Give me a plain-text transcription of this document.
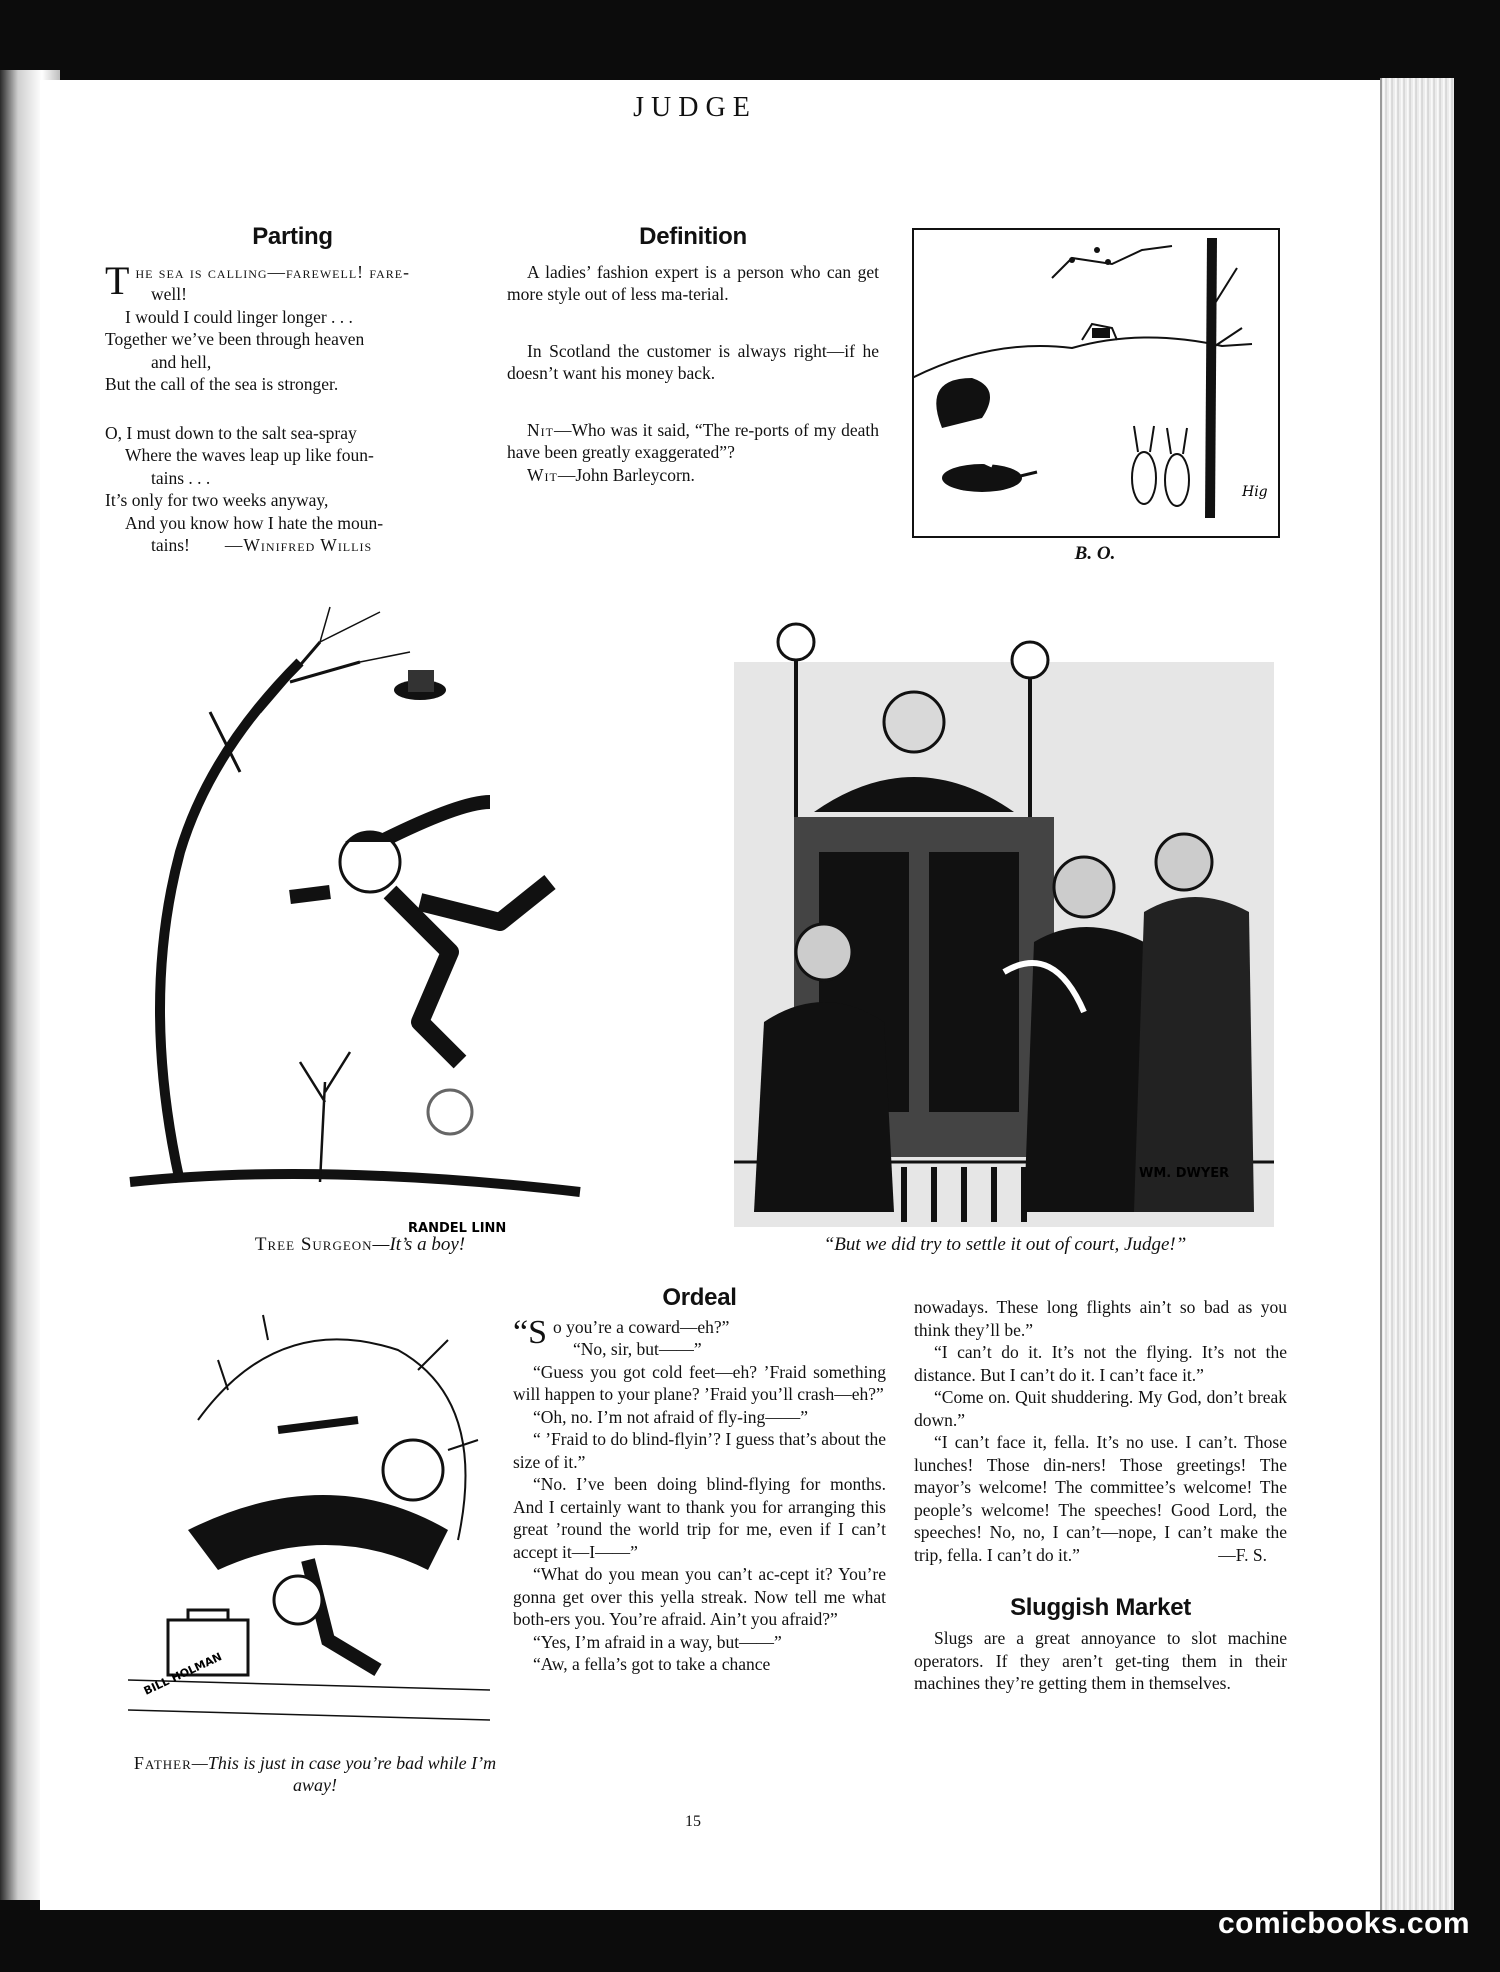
JUDGE
Parting
T he sea is calling—farewell! fare-
well!
I would I could linger longer . . .
Together we’ve been through heaven
and hell,
But the call of the sea is stronger.
O, I must down to the salt sea-spray
Where the waves leap up like foun-
tains . . .
It’s only for two weeks anyway,
And you know how I hate the moun-
tains! —Winifred Willis
Definition

A ladies’ fashion expert is a person who can get more style out of less ma-terial.

In Scotland the customer is always right—if he doesn’t want his money back.

Nit—Who was it said, “The re-ports of my death have been greatly exaggerated”?

Wit—John Barleycorn.

Hig
B. O.
RANDEL LINN
Tree Surgeon—It’s a boy!
WM. DWYER
“But we did try to settle it out of court, Judge!”
BILL HOLMAN
Father—This is just in case you’re bad while I’m away!
Ordeal
“S o you’re a coward—eh?”

“No, sir, but——”

“Guess you got cold feet—eh? ’Fraid something will happen to your plane? ’Fraid you’ll crash—eh?”

“Oh, no. I’m not afraid of fly-ing——”

“ ’Fraid to do blind-flyin’? I guess that’s about the size of it.”

“No. I’ve been doing blind-flying for months. And I certainly want to thank you for arranging this great ’round the world trip for me, even if I can’t accept it—I——”

“What do you mean you can’t ac-cept it? You’re gonna get over this yella streak. Now tell me what both-ers you. You’re afraid. Ain’t you afraid?”

“Yes, I’m afraid in a way, but——”

“Aw, a fella’s got to take a chance

nowadays. These long flights ain’t so bad as you think they’ll be.”

“I can’t do it. It’s not the flying. It’s not the distance. But I can’t do it. I can’t face it.”

“Come on. Quit shuddering. My God, don’t break down.”

“I can’t face it, fella. It’s no use. I can’t. Those lunches! Those din-ners! Those greetings! The mayor’s welcome! The committee’s welcome! The people’s welcome! The speeches! Good Lord, the speeches! No, no, I can’t—nope, I can’t make the trip, fella. I can’t do it.”	—F. S.

Sluggish Market

Slugs are a great annoyance to slot machine operators. If they aren’t get-ting them in their machines they’re getting them in themselves.

15
comicbooks.com
